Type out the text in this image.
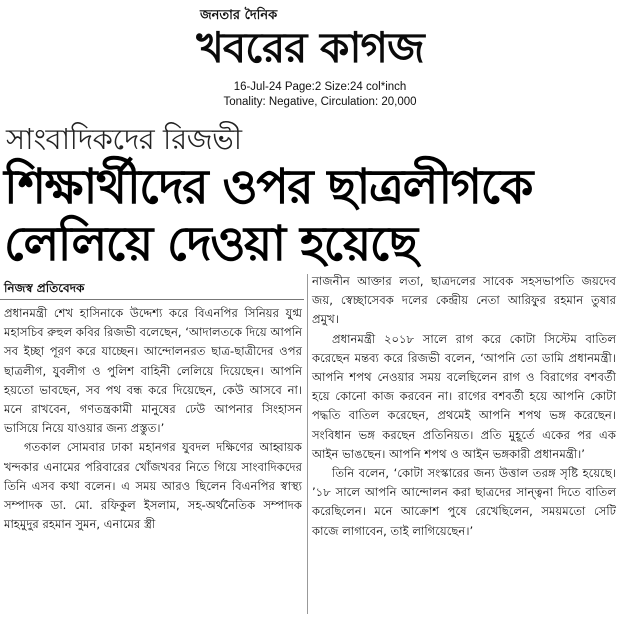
জনতার দৈনিক
খবরের কাগজ
16-Jul-24 Page:2 Size:24 col*inch
Tonality: Negative, Circulation: 20,000
সাংবাদিকদের রিজভী
শিক্ষার্থীদের ওপর ছাত্রলীগকে
লেলিয়ে দেওয়া হয়েছে
নিজস্ব প্রতিবেদক

প্রধানমন্ত্রী শেখ হাসিনাকে উদ্দেশ্য করে বিএনপির সিনিয়র যুগ্ম মহাসচিব রুহুল কবির রিজভী বলেছেন, ‘আদালতকে দিয়ে আপনি সব ইচ্ছা পূরণ করে যাচ্ছেন। আন্দোলনরত ছাত্র-ছাত্রীদের ওপর ছাত্রলীগ, যুবলীগ ও পুলিশ বাহিনী লেলিয়ে দিয়েছেন। আপনি হয়তো ভাবছেন, সব পথ বন্ধ করে দিয়েছেন, কেউ আসবে না। মনে রাখবেন, গণতন্ত্রকামী মানুষের ঢেউ আপনার সিংহাসন ভাসিয়ে নিয়ে যাওয়ার জন্য প্রস্তুত।’

গতকাল সোমবার ঢাকা মহানগর যুবদল দক্ষিণের আহ্বায়ক খন্দকার এনামের পরিবারের খোঁজখবর নিতে গিয়ে সাংবাদিকদের তিনি এসব কথা বলেন। এ সময় আরও ছিলেন বিএনপির স্বাস্থ্য সম্পাদক ডা. মো. রফিকুল ইসলাম, সহ-অর্থনৈতিক সম্পাদক মাহমুদুর রহমান সুমন, এনামের স্ত্রী

নাজনীন আক্তার লতা, ছাত্রদলের সাবেক সহসভাপতি জয়দেব জয়, স্বেচ্ছাসেবক দলের কেন্দ্রীয় নেতা আরিফুর রহমান তুষার প্রমুখ।

প্রধানমন্ত্রী ২০১৮ সালে রাগ করে কোটা সিস্টেম বাতিল করেছেন মন্তব্য করে রিজভী বলেন, ‘আপনি তো ডামি প্রধানমন্ত্রী। আপনি শপথ নেওয়ার সময় বলেছিলেন রাগ ও বিরাগের বশবর্তী হয়ে কোনো কাজ করবেন না। রাগের বশবর্তী হয়ে আপনি কোটা পদ্ধতি বাতিল করেছেন, প্রথমেই আপনি শপথ ভঙ্গ করেছেন। সংবিধান ভঙ্গ করছেন প্রতিনিয়ত। প্রতি মুহূর্তে একের পর এক আইন ভাঙছেন। আপনি শপথ ও আইন ভঙ্গকারী প্রধানমন্ত্রী।’

তিনি বলেন, ‘কোটা সংস্কারের জন্য উত্তাল তরঙ্গ সৃষ্টি হয়েছে। ’১৮ সালে আপনি আন্দোলন করা ছাত্রদের সান্ত্বনা দিতে বাতিল করেছিলেন। মনে আক্রোশ পুষে রেখেছিলেন, সময়মতো সেটি কাজে লাগাবেন, তাই লাগিয়েছেন।’
